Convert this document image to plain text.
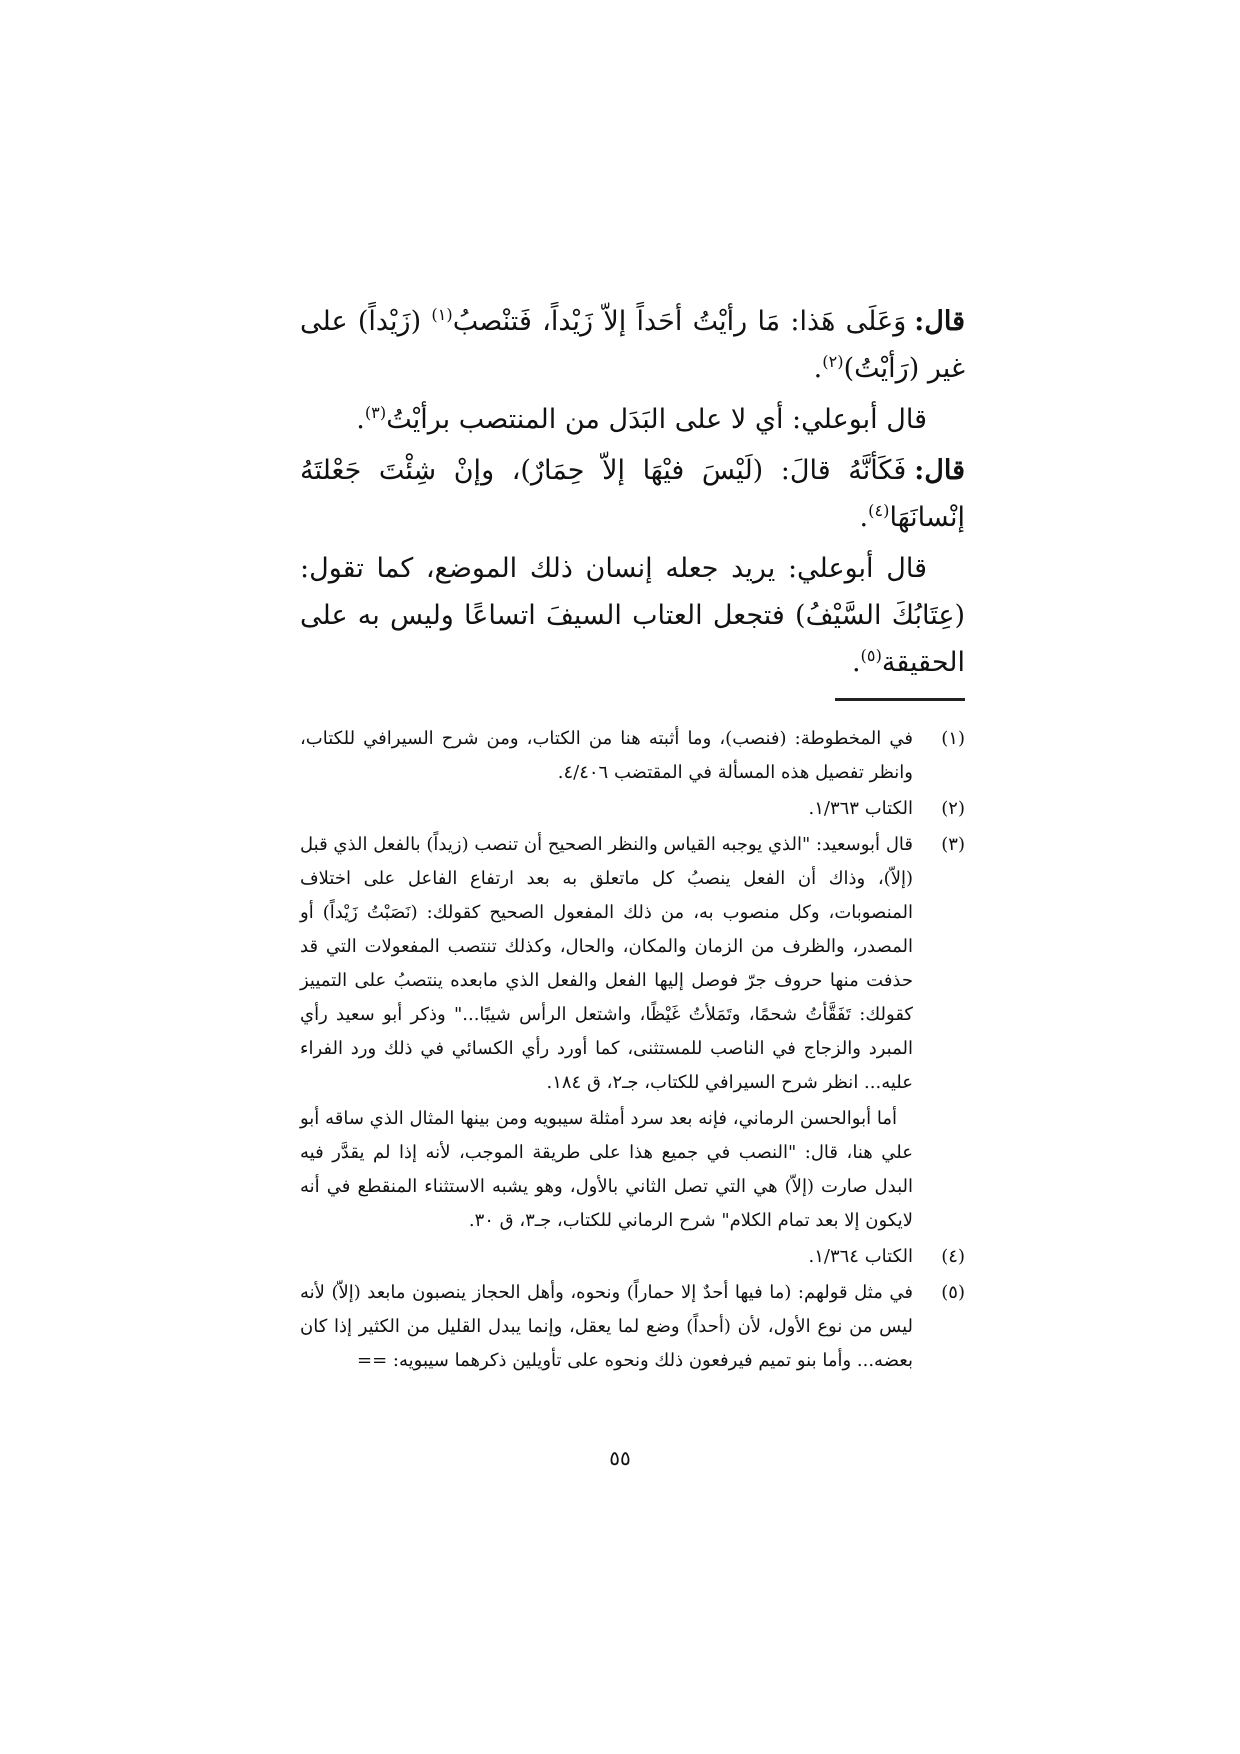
قال:وَعَلَى هَذا: مَا رأيْتُ أحَداً إلاّ زَيْداً، فَتنْصبُ$^{(١)}$ (زَيْداً) على غير (رَأيْتُ)$^{(٢)}$.

قال أبوعلي: أي لا على البَدَل من المنتصب برأيْتُ$^{(٣)}$.

قال:فَكَأنَّهُ قالَ: (لَيْسَ فيْهَا إلاّ حِمَارٌ)، وإنْ شِئْتَ جَعْلتَهُ إنْسانَهَا$^{(٤)}$.

قال أبوعلي: يريد جعله إنسان ذلك الموضع، كما تقول: (عِتَابُكَ السَّيْفُ) فتجعل العتاب السيفَ اتساعًا وليس به على الحقيقة$^{(٥)}$.

(١)
في المخطوطة: (فنصب)، وما أثبته هنا من الكتاب، ومن شرح السيرافي للكتاب، وانظر تفصيل هذه المسألة في المقتضب ٤/٤٠٦.
(٢)
الكتاب ١/٣٦٣.
(٣)
قال أبوسعيد: "الذي يوجبه القياس والنظر الصحيح أن تنصب (زيداً) بالفعل الذي قبل (إلاّ)، وذاك أن الفعل ينصبُ كل ماتعلق به بعد ارتفاع الفاعل على اختلاف المنصوبات، وكل منصوب به، من ذلك المفعول الصحيح كقولك: (نَصَبْتُ زَيْداً) أو المصدر، والظرف من الزمان والمكان، والحال، وكذلك تنتصب المفعولات التي قد حذفت منها حروف جرّ فوصل إليها الفعل والفعل الذي مابعده ينتصبُ على التمييز كقولك: تَفَقَّأتُ شحمًا، وتَمَلأتُ غَيْظًا، واشتعل الرأس شيبًا..." وذكر أبو سعيد رأي المبرد والزجاج في الناصب للمستثنى، كما أورد رأي الكسائي في ذلك ورد الفراء عليه... انظر شرح السيرافي للكتاب، جـ٢، ق ١٨٤.
أما أبوالحسن الرماني، فإنه بعد سرد أمثلة سيبويه ومن بينها المثال الذي ساقه أبو علي هنا، قال: "النصب في جميع هذا على طريقة الموجب، لأنه إذا لم يقدَّر فيه البدل صارت (إلاّ) هي التي تصل الثاني بالأول، وهو يشبه الاستثناء المنقطع في أنه لايكون إلا بعد تمام الكلام" شرح الرماني للكتاب، جـ٣، ق ٣٠.
(٤)
الكتاب ١/٣٦٤.
(٥)
في مثل قولهم: (ما فيها أحدٌ إلا حماراً) ونحوه، وأهل الحجاز ينصبون مابعد (إلاّ) لأنه ليس من نوع الأول، لأن (أحداً) وضع لما يعقل، وإنما يبدل القليل من الكثير إذا كان بعضه... وأما بنو تميم فيرفعون ذلك ونحوه على تأويلين ذكرهما سيبويه: ==
٥٥
